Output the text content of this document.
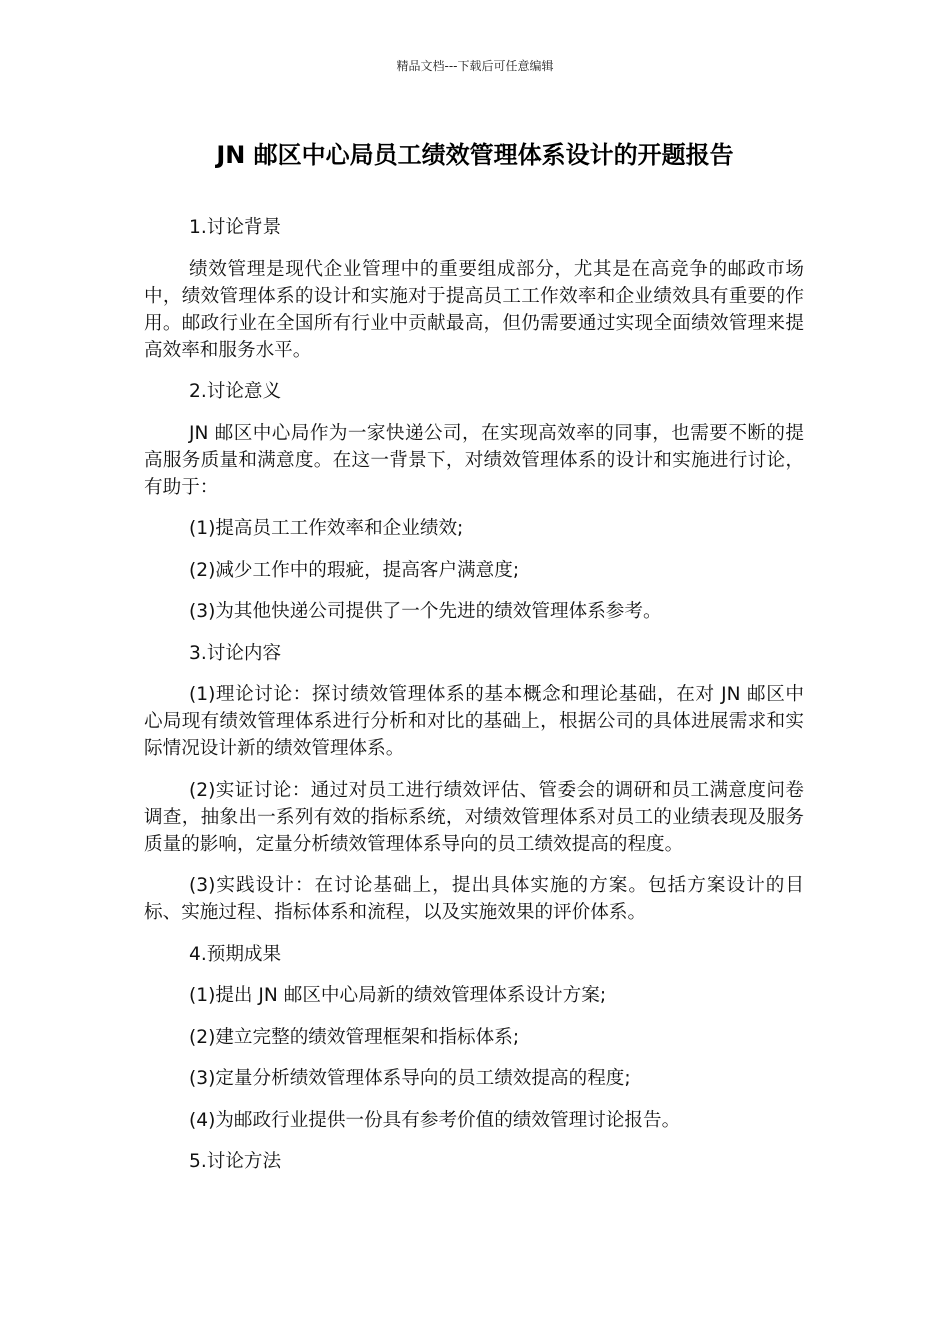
精品文档---下载后可任意编辑
JN 邮区中心局员工绩效管理体系设计的开题报告

1.讨论背景

绩效管理是现代企业管理中的重要组成部分，尤其是在高竞争的邮政市场中，绩效管理体系的设计和实施对于提高员工工作效率和企业绩效具有重要的作用。邮政行业在全国所有行业中贡献最高，但仍需要通过实现全面绩效管理来提高效率和服务水平。

2.讨论意义

JN 邮区中心局作为一家快递公司，在实现高效率的同事，也需要不断的提高服务质量和满意度。在这一背景下，对绩效管理体系的设计和实施进行讨论，有助于：

(1)提高员工工作效率和企业绩效;

(2)减少工作中的瑕疵，提高客户满意度;

(3)为其他快递公司提供了一个先进的绩效管理体系参考。

3.讨论内容

(1)理论讨论：探讨绩效管理体系的基本概念和理论基础，在对 JN 邮区中心局现有绩效管理体系进行分析和对比的基础上，根据公司的具体进展需求和实际情况设计新的绩效管理体系。

(2)实证讨论：通过对员工进行绩效评估、管委会的调研和员工满意度问卷调查，抽象出一系列有效的指标系统，对绩效管理体系对员工的业绩表现及服务质量的影响，定量分析绩效管理体系导向的员工绩效提高的程度。

(3)实践设计：在讨论基础上，提出具体实施的方案。包括方案设计的目标、实施过程、指标体系和流程，以及实施效果的评价体系。

4.预期成果

(1)提出 JN 邮区中心局新的绩效管理体系设计方案;

(2)建立完整的绩效管理框架和指标体系;

(3)定量分析绩效管理体系导向的员工绩效提高的程度;

(4)为邮政行业提供一份具有参考价值的绩效管理讨论报告。

5.讨论方法
